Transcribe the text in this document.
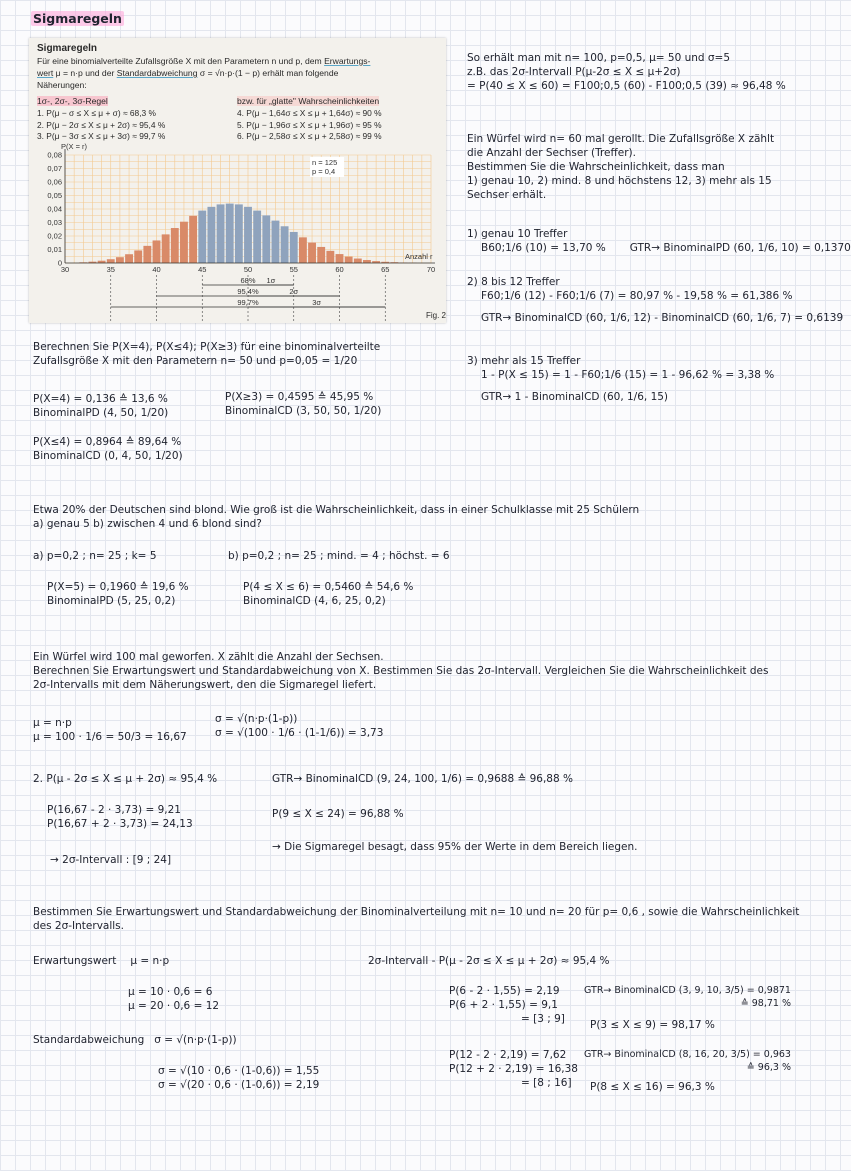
Sigmaregeln
Sigmaregeln
Für eine binomialverteilte Zufallsgröße X mit den Parametern n und p, dem Erwartungs-
wert μ = n·p und der Standardabweichung σ = √n·p·(1 − p) erhält man folgende
Näherungen:
1σ-, 2σ-, 3σ-Regel
1. P(μ − σ ≤ X ≤ μ + σ) ≈ 68,3 %
2. P(μ − 2σ ≤ X ≤ μ + 2σ) ≈ 95,4 %
3. P(μ − 3σ ≤ X ≤ μ + 3σ) ≈ 99,7 %
bzw. für „glatte" Wahrscheinlichkeiten
4. P(μ − 1,64σ ≤ X ≤ μ + 1,64σ) ≈ 90 %
5. P(μ − 1,96σ ≤ X ≤ μ + 1,96σ) ≈ 95 %
6. P(μ − 2,58σ ≤ X ≤ μ + 2,58σ) ≈ 99 %
P(X = r)
Anzahl r
0,08
0,07
0,06
0,05
0,04
0,03
0,02
0,01
0
30	35	40	45	50	55	60	65	70
n = 125
p = 0,4
68%
95,4%
99,7%
1σ
2σ
3σ
Fig. 2
Berechnen Sie P(X=4), P(X≤4); P(X≥3) für eine binominalverteilte
Zufallsgröße X mit den Parametern n= 50 und p=0,05 = 1/20
P(X=4) = 0,136 ≙ 13,6 %
BinominalPD (4, 50, 1/20)
P(X≥3) = 0,4595 ≙ 45,95 %
BinominalCD (3, 50, 50, 1/20)
P(X≤4) = 0,8964 ≙ 89,64 %
BinominalCD (0, 4, 50, 1/20)
So erhält man mit n= 100, p=0,5, μ= 50 und σ=5
z.B. das 2σ-Intervall P(μ-2σ ≤ X ≤ μ+2σ)
= P(40 ≤ X ≤ 60) = F100;0,5 (60) - F100;0,5 (39) ≈ 96,48 %
Ein Würfel wird n= 60 mal gerollt. Die Zufallsgröße X zählt
die Anzahl der Sechser (Treffer).
Bestimmen Sie die Wahrscheinlichkeit, dass man
1) genau 10, 2) mind. 8 und höchstens 12, 3) mehr als 15
Sechser erhält.
1) genau 10 Treffer
B60;1/6 (10) = 13,70 % GTR→ BinominalPD (60, 1/6, 10) = 0,1370
2) 8 bis 12 Treffer
F60;1/6 (12) - F60;1/6 (7) = 80,97 % - 19,58 % = 61,386 %
GTR→ BinominalCD (60, 1/6, 12) - BinominalCD (60, 1/6, 7) = 0,6139
3) mehr als 15 Treffer
1 - P(X ≤ 15) = 1 - F60;1/6 (15) = 1 - 96,62 % = 3,38 %
GTR→ 1 - BinominalCD (60, 1/6, 15)
Etwa 20% der Deutschen sind blond. Wie groß ist die Wahrscheinlichkeit, dass in einer Schulklasse mit 25 Schülern
a) genau 5 b) zwischen 4 und 6 blond sind?
a) p=0,2 ; n= 25 ; k= 5
P(X=5) = 0,1960 ≙ 19,6 %
BinominalPD (5, 25, 0,2)
b) p=0,2 ; n= 25 ; mind. = 4 ; höchst. = 6
P(4 ≤ X ≤ 6) = 0,5460 ≙ 54,6 %
BinominalCD (4, 6, 25, 0,2)
Ein Würfel wird 100 mal geworfen. X zählt die Anzahl der Sechsen.
Berechnen Sie Erwartungswert und Standardabweichung von X. Bestimmen Sie das 2σ-Intervall. Vergleichen Sie die Wahrscheinlichkeit des
2σ-Intervalls mit dem Näherungswert, den die Sigmaregel liefert.
μ = n·p
μ = 100 · 1/6 = 50/3 = 16,67
σ = √(n·p·(1-p))
σ = √(100 · 1/6 · (1-1/6)) = 3,73
2. P(μ - 2σ ≤ X ≤ μ + 2σ) ≈ 95,4 %
P(16,67 - 2 · 3,73) = 9,21
P(16,67 + 2 · 3,73) = 24,13
→ 2σ-Intervall : [9 ; 24]
GTR→ BinominalCD (9, 24, 100, 1/6) = 0,9688 ≙ 96,88 %
P(9 ≤ X ≤ 24) = 96,88 %
→ Die Sigmaregel besagt, dass 95% der Werte in dem Bereich liegen.
Bestimmen Sie Erwartungswert und Standardabweichung der Binominalverteilung mit n= 10 und n= 20 für p= 0,6 , sowie die Wahrscheinlichkeit
des 2σ-Intervalls.
Erwartungswert μ = n·p
μ = 10 · 0,6 = 6
μ = 20 · 0,6 = 12
Standardabweichung σ = √(n·p·(1-p))
σ = √(10 · 0,6 · (1-0,6)) = 1,55
σ = √(20 · 0,6 · (1-0,6)) = 2,19
2σ-Intervall - P(μ - 2σ ≤ X ≤ μ + 2σ) ≈ 95,4 %
P(6 - 2 · 1,55) = 2,19
P(6 + 2 · 1,55) = 9,1
= [3 ; 9]
GTR→ BinominalCD (3, 9, 10, 3/5) = 0,9871
≙ 98,71 %
P(3 ≤ X ≤ 9) = 98,17 %
P(12 - 2 · 2,19) = 7,62
P(12 + 2 · 2,19) = 16,38
= [8 ; 16]
GTR→ BinominalCD (8, 16, 20, 3/5) = 0,963
≙ 96,3 %
P(8 ≤ X ≤ 16) = 96,3 %
